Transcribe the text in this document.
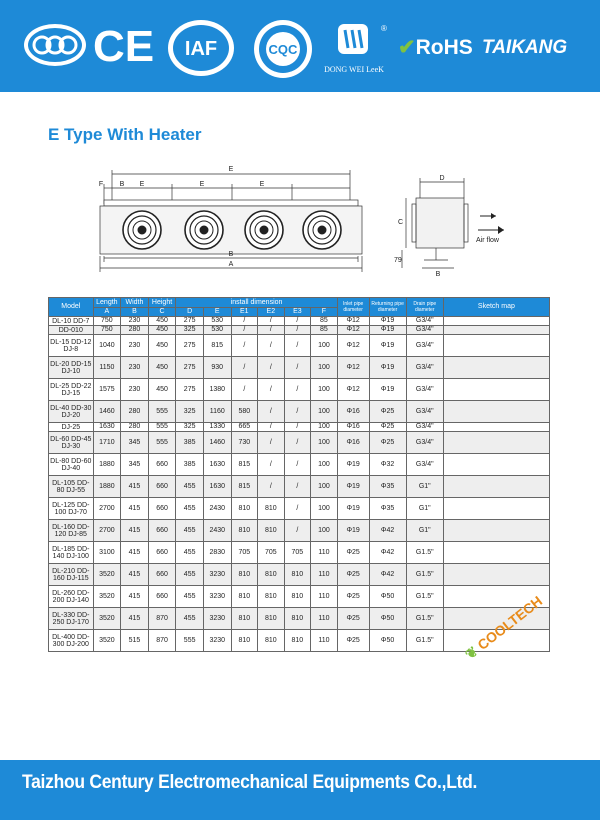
CE IAF	CQC
®
DONG WEI LeeK
✔RoHS TAIKANG
E Type With Heater
E
E	E	E
B
F
B
A
D
C
79
B
Air flow
Model	Length	Width	Height	install dimension						Inlet pipe diameter	Returning pipe diameter	Drain pipe diameter	Sketch map
	A	B	C	D	E	E1	E2	E3	F				
DL-10 DD-7	750	230	450	275	530	/	/	/	85	Φ12	Φ19	G3/4"	
DD-010	750	280	450	325	530	/	/	/	85	Φ12	Φ19	G3/4"	
DL-15 DD-12 DJ-8	1040	230	450	275	815	/	/	/	100	Φ12	Φ19	G3/4"	
DL-20 DD-15 DJ-10	1150	230	450	275	930	/	/	/	100	Φ12	Φ19	G3/4"	
DL-25 DD-22 DJ-15	1575	230	450	275	1380	/	/	/	100	Φ12	Φ19	G3/4"	
DL-40 DD-30 DJ-20	1460	280	555	325	1160	580	/	/	100	Φ16	Φ25	G3/4"	
DJ-25	1630	280	555	325	1330	665	/	/	100	Φ16	Φ25	G3/4"	
DL-60 DD-45 DJ-30	1710	345	555	385	1460	730	/	/	100	Φ16	Φ25	G3/4"	
DL-80 DD-60 DJ-40	1880	345	660	385	1630	815	/	/	100	Φ19	Φ32	G3/4"	
DL-105 DD-80 DJ-55	1880	415	660	455	1630	815	/	/	100	Φ19	Φ35	G1"	
DL-125 DD-100 DJ-70	2700	415	660	455	2430	810	810	/	100	Φ19	Φ35	G1"	
DL-160 DD-120 DJ-85	2700	415	660	455	2430	810	810	/	100	Φ19	Φ42	G1"	
DL-185 DD-140 DJ-100	3100	415	660	455	2830	705	705	705	110	Φ25	Φ42	G1.5"	
DL-210 DD-160 DJ-115	3520	415	660	455	3230	810	810	810	110	Φ25	Φ42	G1.5"	
DL-260 DD-200 DJ-140	3520	415	660	455	3230	810	810	810	110	Φ25	Φ50	G1.5"	
DL-330 DD-250 DJ-170	3520	415	870	455	3230	810	810	810	110	Φ25	Φ50	G1.5"	
DL-400 DD-300 DJ-200	3520	515	870	555	3230	810	810	810	110	Φ25	Φ50	G1.5"	
❦ COOLTECH
Taizhou Century Electromechanical Equipments Co.,Ltd.
